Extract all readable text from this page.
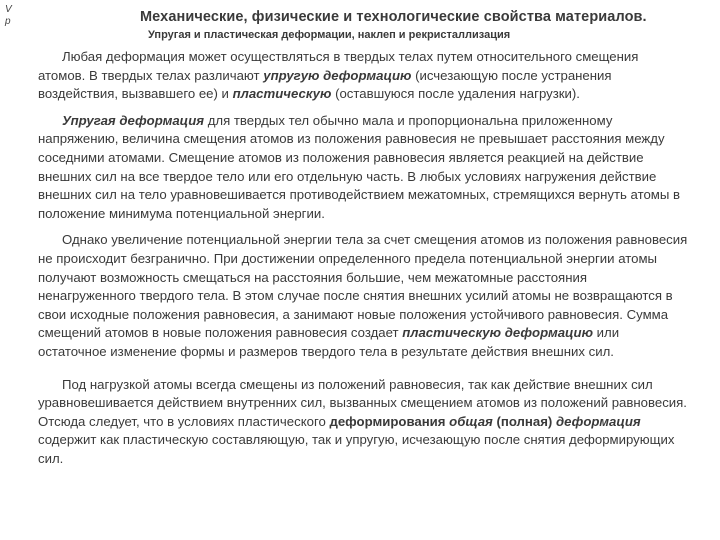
V
p	Механические, физические и технологические свойства материалов.
Упругая и пластическая деформации, наклеп и рекристаллизация

Любая деформация может осуществляться в твердых телах путем относительного смещения атомов. В твердых телах различают упругую деформацию (исчезающую после устранения воздействия, вызвавшего ее) и пластическую (оставшуюся после удаления нагрузки).

Упругая деформация для твердых тел обычно мала и пропорциональна приложенному напряжению, величина смещения атомов из положения равновесия не превышает расстояния между соседними атомами. Смещение атомов из положения равновесия является реакцией на действие внешних сил на все твердое тело или его отдельную часть. В любых условиях нагружения действие внешних сил на тело уравновешивается противодействием межатомных, стремящихся вернуть атомы в положение минимума потенциальной энергии.

Однако увеличение потенциальной энергии тела за счет смещения атомов из положения равновесия не происходит безгранично. При достижении определенного предела потенциальной энергии атомы получают возможность смещаться на расстояния большие, чем межатомные расстояния ненагруженного твердого тела. В этом случае после снятия внешних усилий атомы не возвращаются в свои исходные положения равновесия, а занимают новые положения устойчивого равновесия. Сумма смещений атомов в новые положения равновесия создает пластическую деформацию или остаточное изменение формы и размеров твердого тела в результате действия внешних сил.

Под нагрузкой атомы всегда смещены из положений равновесия, так как действие внешних сил уравновешивается действием внутренних сил, вызванных смещением атомов из положений равновесия. Отсюда следует, что в условиях пластического деформирования общая (полная) деформация содержит как пластическую составляющую, так и упругую, исчезающую после снятия деформирующих сил.
